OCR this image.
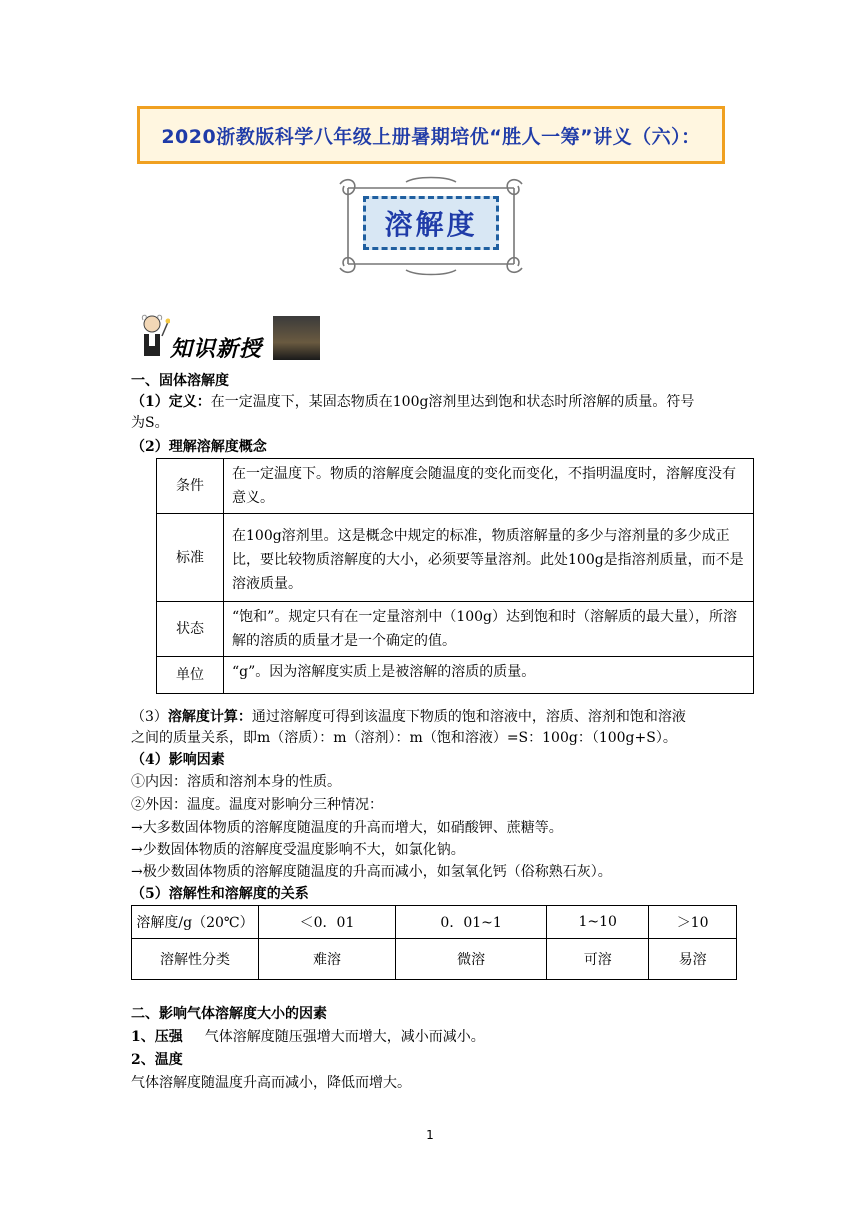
2020浙教版科学八年级上册暑期培优“胜人一筹”讲义（六）：
溶解度
知识新授
一、固体溶解度
（1）定义：在一定温度下，某固态物质在100g溶剂里达到饱和状态时所溶解的质量。符号
为S。
（2）理解溶解度概念
条件	在一定温度下。物质的溶解度会随温度的变化而变化，不指明温度时，溶解度没有意义。
标准	在100g溶剂里。这是概念中规定的标准，物质溶解量的多少与溶剂量的多少成正比，要比较物质溶解度的大小，必须要等量溶剂。此处100g是指溶剂质量，而不是溶液质量。
状态	“饱和”。规定只有在一定量溶剂中（100g）达到饱和时（溶解质的最大量），所溶解的溶质的质量才是一个确定的值。
单位	“g”。因为溶解度实质上是被溶解的溶质的质量。
（3）溶解度计算：通过溶解度可得到该温度下物质的饱和溶液中，溶质、溶剂和饱和溶液
之间的质量关系，即m（溶质）：m（溶剂）：m（饱和溶液）=S：100g：（100g+S）。
（4）影响因素
①内因：溶质和溶剂本身的性质。
②外因：温度。温度对影响分三种情况：
→大多数固体物质的溶解度随温度的升高而增大，如硝酸钾、蔗糖等。
→少数固体物质的溶解度受温度影响不大，如氯化钠。
→极少数固体物质的溶解度随温度的升高而减小，如氢氧化钙（俗称熟石灰）。
（5）溶解性和溶解度的关系
溶解度/g（20℃）	＜0．01	0．01~1	1~10	＞10
溶解性分类	难溶	微溶	可溶	易溶
二、影响气体溶解度大小的因素
1、压强 气体溶解度随压强增大而增大，减小而减小。
2、温度
气体溶解度随温度升高而减小，降低而增大。
1
